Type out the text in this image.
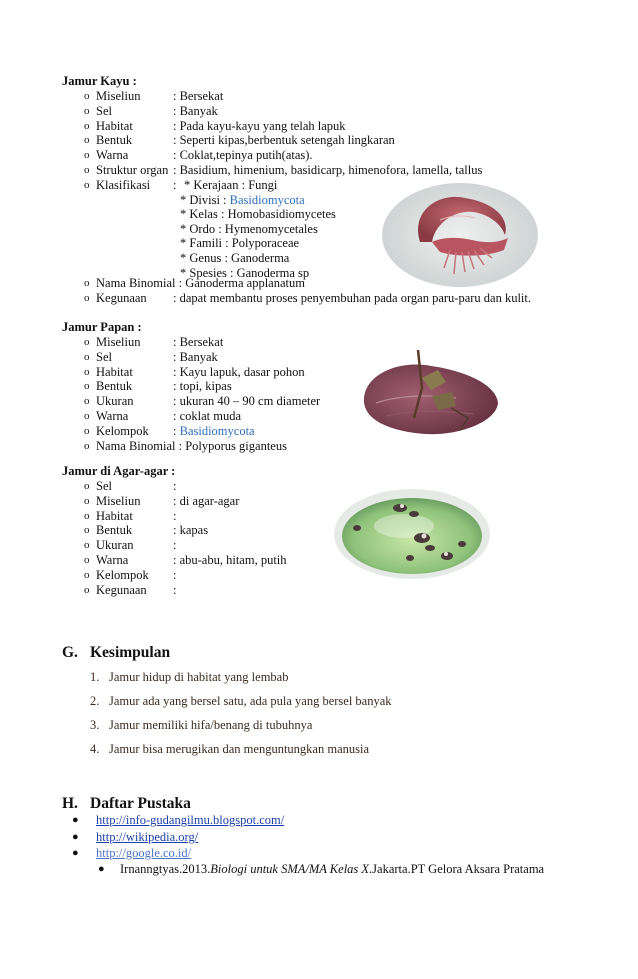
Jamur Kayu :
o Miseliun	: Bersekat
o Sel	: Banyak
o Habitat	: Pada kayu-kayu yang telah lapuk
o Bentuk	: Seperti kipas,berbentuk setengah lingkaran
o Warna	: Coklat,tepinya putih(atas).
o Struktur organ : Basidium, himenium, basidicarp, himenofora, lamella, tallus
o Klasifikasi : * Kerajaan : Fungi
* Divisi : Basidiomycota
* Kelas : Homobasidiomycetes
* Ordo : Hymenomycetales
* Famili : Polyporaceae
* Genus : Ganoderma
* Spesies : Ganoderma sp
o Nama Binomial : Ganoderma applanatum
o Kegunaan : dapat membantu proses penyembuhan pada organ paru-paru dan kulit.
Jamur Papan :
o Miseliun	: Bersekat
o Sel	: Banyak
o Habitat	: Kayu lapuk, dasar pohon
o Bentuk	: topi, kipas
o Ukuran	: ukuran 40 – 90 cm diameter
o Warna	: coklat muda
o Kelompok : Basidiomycota
o Nama Binomial : Polyporus giganteus
Jamur di Agar-agar :
o Sel	:
o Miseliun	: di agar-agar
o Habitat	:
o Bentuk	: kapas
o Ukuran	:
o Warna	: abu-abu, hitam, putih
o Kelompok :
o Kegunaan :
G. Kesimpulan
1. Jamur hidup di habitat yang lembab
2. Jamur ada yang bersel satu, ada pula yang bersel banyak
3. Jamur memiliki hifa/benang di tubuhnya
4. Jamur bisa merugikan dan menguntungkan manusia
H. Daftar Pustaka
● http://info-gudangilmu.blogspot.com/
● http://wikipedia.org/
● http://google.co.id/
● Irnanngtyas.2013.Biologi untuk SMA/MA Kelas X.Jakarta.PT Gelora Aksara Pratama
